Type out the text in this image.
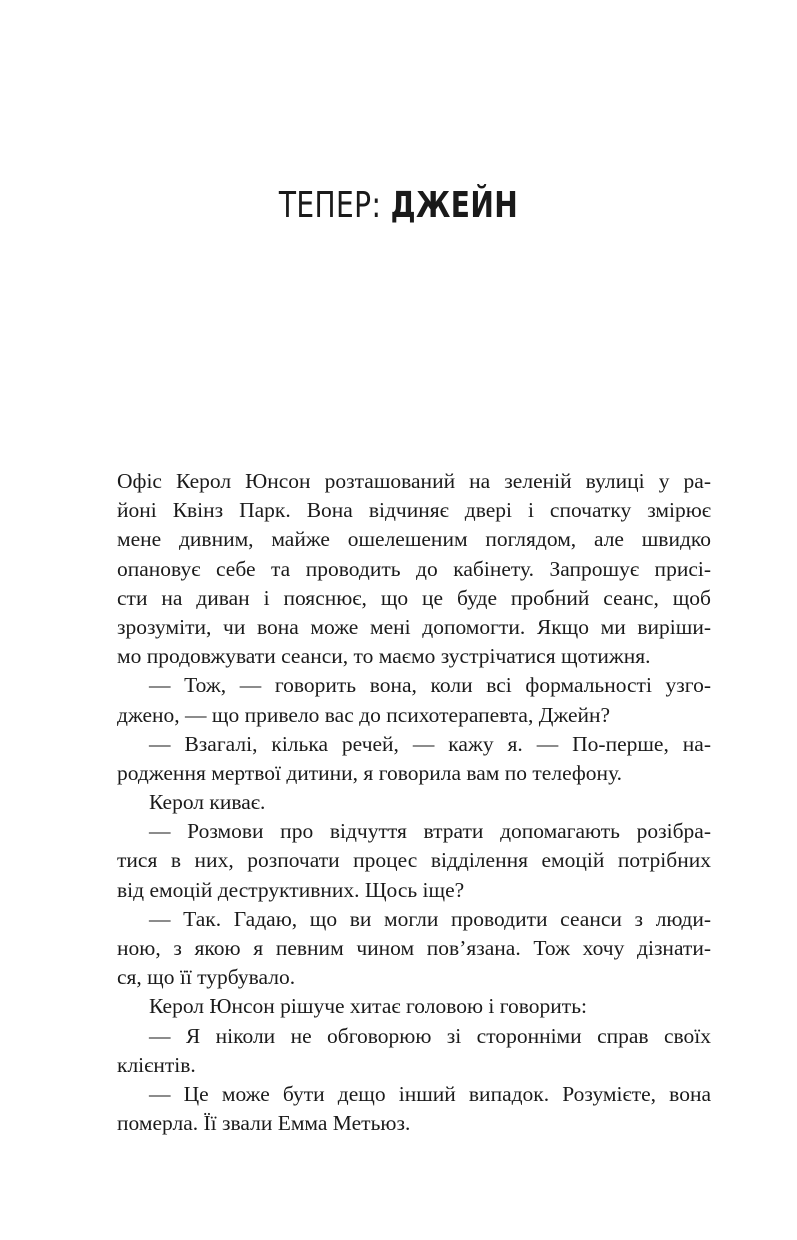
ТЕПЕР: ДЖЕЙН
Офіс Керол Юнсон розташований на зеленій вулиці у ра-
йоні Квінз Парк. Вона відчиняє двері і спочатку змірює
мене дивним, майже ошелешеним поглядом, але швидко
опановує себе та проводить до кабінету. Запрошує присі-
сти на диван і пояснює, що це буде пробний сеанс, щоб
зрозуміти, чи вона може мені допомогти. Якщо ми виріши-
мо продовжувати сеанси, то маємо зустрічатися щотижня.
— Тож, — говорить вона, коли всі формальності узго-
джено, — що привело вас до психотерапевта, Джейн?
— Взагалі, кілька речей, — кажу я. — По-перше, на-
родження мертвої дитини, я говорила вам по телефону.
Керол киває.
— Розмови про відчуття втрати допомагають розібра-
тися в них, розпочати процес відділення емоцій потрібних
від емоцій деструктивних. Щось іще?
— Так. Гадаю, що ви могли проводити сеанси з люди-
ною, з якою я певним чином пов’язана. Тож хочу дізнати-
ся, що її турбувало.
Керол Юнсон рішуче хитає головою і говорить:
— Я ніколи не обговорюю зі сторонніми справ своїх
клієнтів.
— Це може бути дещо інший випадок. Розумієте, вона
померла. Її звали Емма Метьюз.
